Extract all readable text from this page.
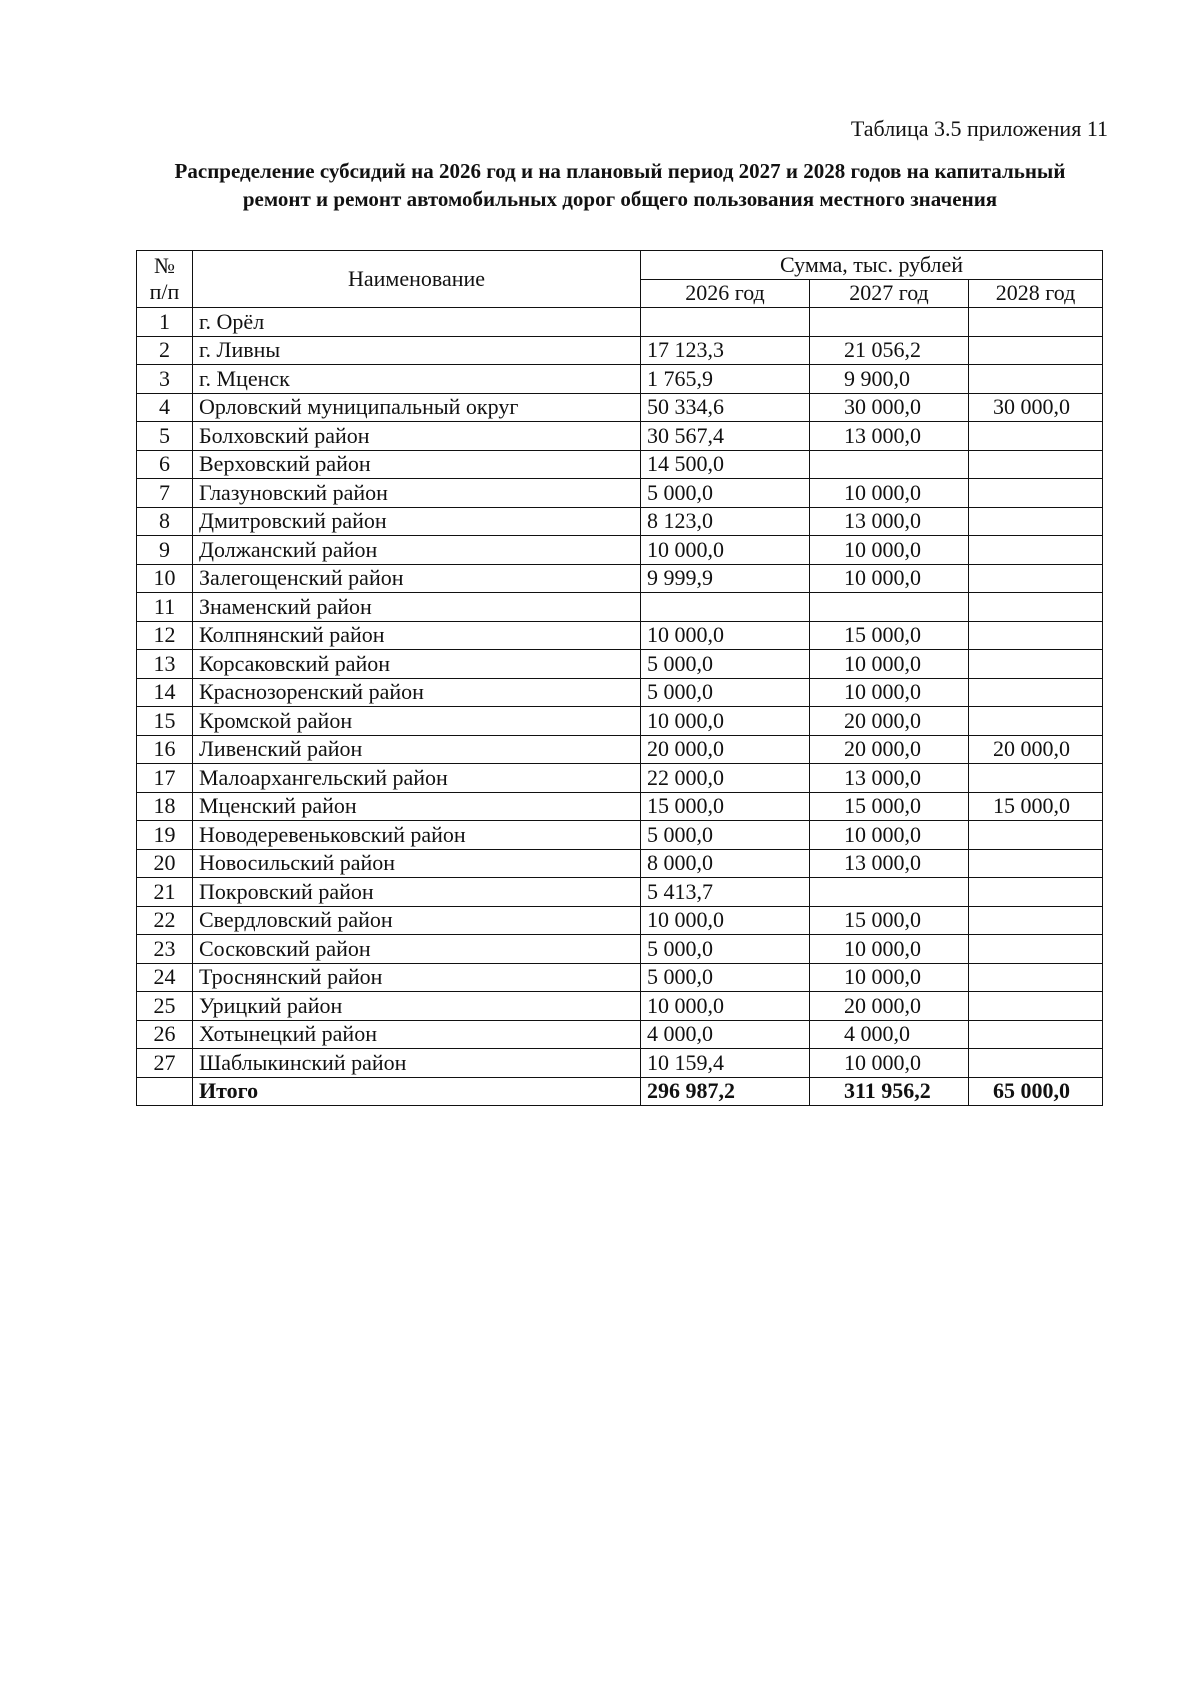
Таблица 3.5 приложения 11
Распределение субсидий на 2026 год и на плановый период 2027 и 2028 годов на капитальный ремонт и ремонт автомобильных дорог общего пользования местного значения
№
п/п	Наименование	Сумма, тыс. рублей		
		2026 год	2027 год	2028 год
1	г. Орёл			
2	г. Ливны	17 123,3	21 056,2	
3	г. Мценск	1 765,9	9 900,0	
4	Орловский муниципальный округ	50 334,6	30 000,0	30 000,0
5	Болховский район	30 567,4	13 000,0	
6	Верховский район	14 500,0		
7	Глазуновский район	5 000,0	10 000,0	
8	Дмитровский район	8 123,0	13 000,0	
9	Должанский район	10 000,0	10 000,0	
10	Залегощенский район	9 999,9	10 000,0	
11	Знаменский район			
12	Колпнянский район	10 000,0	15 000,0	
13	Корсаковский район	5 000,0	10 000,0	
14	Краснозоренский район	5 000,0	10 000,0	
15	Кромской район	10 000,0	20 000,0	
16	Ливенский район	20 000,0	20 000,0	20 000,0
17	Малоархангельский район	22 000,0	13 000,0	
18	Мценский район	15 000,0	15 000,0	15 000,0
19	Новодеревеньковский район	5 000,0	10 000,0	
20	Новосильский район	8 000,0	13 000,0	
21	Покровский район	5 413,7		
22	Свердловский район	10 000,0	15 000,0	
23	Сосковский район	5 000,0	10 000,0	
24	Троснянский район	5 000,0	10 000,0	
25	Урицкий район	10 000,0	20 000,0	
26	Хотынецкий район	4 000,0	4 000,0	
27	Шаблыкинский район	10 159,4	10 000,0	
	Итого	296 987,2	311 956,2	65 000,0
